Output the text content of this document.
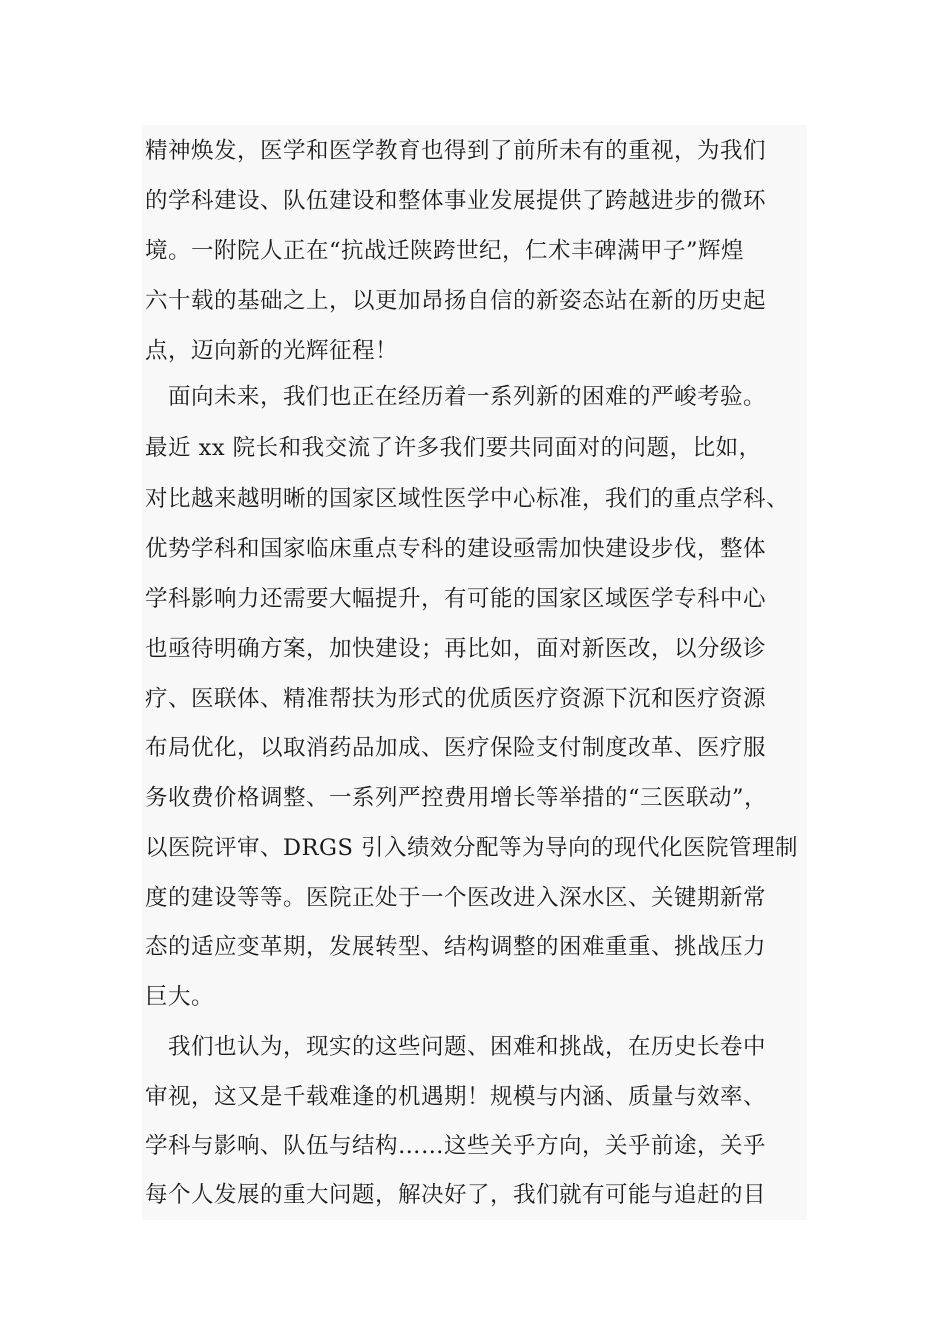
精神焕发，医学和医学教育也得到了前所未有的重视，为我们
的学科建设、队伍建设和整体事业发展提供了跨越进步的微环
境。一附院人正在“抗战迁陕跨世纪，仁术丰碑满甲子”辉煌
六十载的基础之上，以更加昂扬自信的新姿态站在新的历史起
点，迈向新的光辉征程！
　面向未来，我们也正在经历着一系列新的困难的严峻考验。
最近 xx 院长和我交流了许多我们要共同面对的问题，比如，
对比越来越明晰的国家区域性医学中心标准，我们的重点学科、
优势学科和国家临床重点专科的建设亟需加快建设步伐，整体
学科影响力还需要大幅提升，有可能的国家区域医学专科中心
也亟待明确方案，加快建设；再比如，面对新医改，以分级诊
疗、医联体、精准帮扶为形式的优质医疗资源下沉和医疗资源
布局优化，以取消药品加成、医疗保险支付制度改革、医疗服
务收费价格调整、一系列严控费用增长等举措的“三医联动”，
以医院评审、DRGS 引入绩效分配等为导向的现代化医院管理制
度的建设等等。医院正处于一个医改进入深水区、关键期新常
态的适应变革期，发展转型、结构调整的困难重重、挑战压力
巨大。
　我们也认为，现实的这些问题、困难和挑战，在历史长卷中
审视，这又是千载难逢的机遇期！规模与内涵、质量与效率、
学科与影响、队伍与结构……这些关乎方向，关乎前途，关乎
每个人发展的重大问题，解决好了，我们就有可能与追赶的目
